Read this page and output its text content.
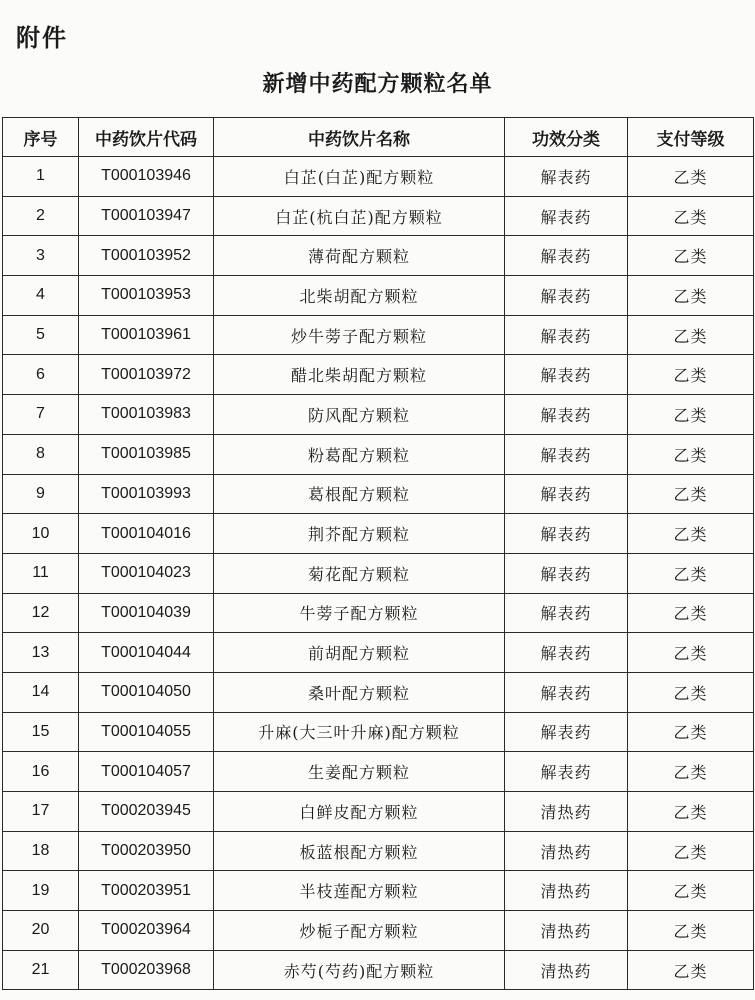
附件
新增中药配方颗粒名单
序号	中药饮片代码	中药饮片名称	功效分类	支付等级
1	T000103946	白芷(白芷)配方颗粒	解表药	乙类
2	T000103947	白芷(杭白芷)配方颗粒	解表药	乙类
3	T000103952	薄荷配方颗粒	解表药	乙类
4	T000103953	北柴胡配方颗粒	解表药	乙类
5	T000103961	炒牛蒡子配方颗粒	解表药	乙类
6	T000103972	醋北柴胡配方颗粒	解表药	乙类
7	T000103983	防风配方颗粒	解表药	乙类
8	T000103985	粉葛配方颗粒	解表药	乙类
9	T000103993	葛根配方颗粒	解表药	乙类
10	T000104016	荆芥配方颗粒	解表药	乙类
11	T000104023	菊花配方颗粒	解表药	乙类
12	T000104039	牛蒡子配方颗粒	解表药	乙类
13	T000104044	前胡配方颗粒	解表药	乙类
14	T000104050	桑叶配方颗粒	解表药	乙类
15	T000104055	升麻(大三叶升麻)配方颗粒	解表药	乙类
16	T000104057	生姜配方颗粒	解表药	乙类
17	T000203945	白鲜皮配方颗粒	清热药	乙类
18	T000203950	板蓝根配方颗粒	清热药	乙类
19	T000203951	半枝莲配方颗粒	清热药	乙类
20	T000203964	炒栀子配方颗粒	清热药	乙类
21	T000203968	赤芍(芍药)配方颗粒	清热药	乙类
